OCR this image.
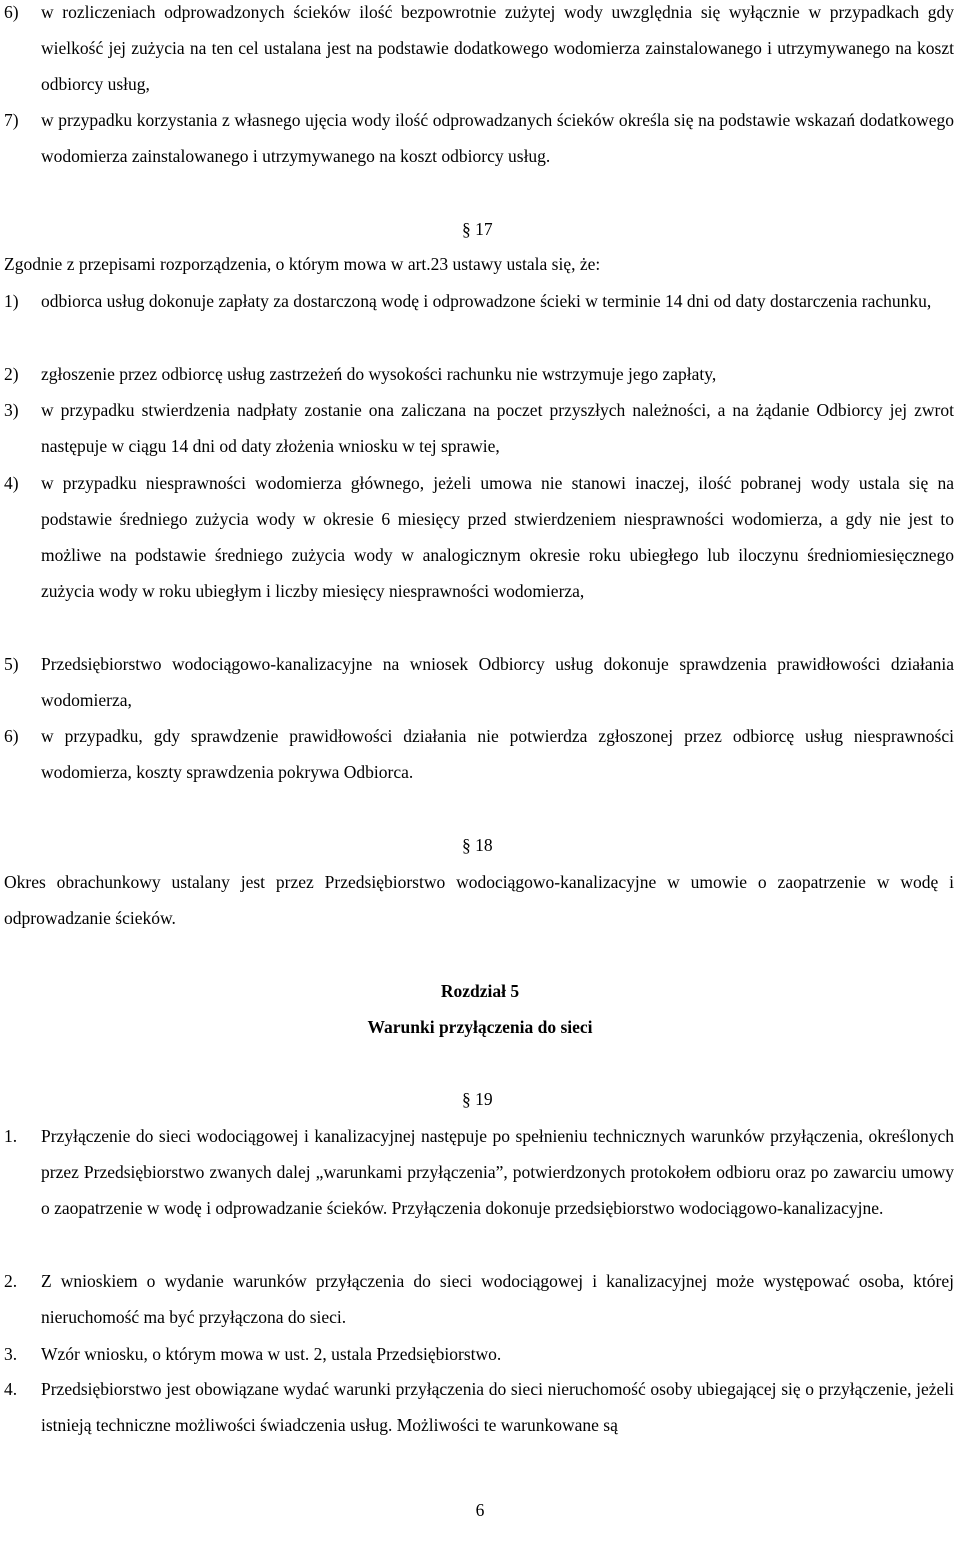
6)	w rozliczeniach odprowadzonych ścieków ilość bezpowrotnie zużytej wody uwzględnia się wyłącznie w przypadkach gdy wielkość jej zużycia na ten cel ustalana jest na podstawie dodatkowego wodomierza zainstalowanego i utrzymywanego na koszt odbiorcy usług,
7)	w przypadku korzystania z własnego ujęcia wody ilość odprowadzanych ścieków określa się na podstawie wskazań dodatkowego wodomierza zainstalowanego i utrzymywanego na koszt odbiorcy usług.
§ 17
Zgodnie z przepisami rozporządzenia, o którym mowa w art.23 ustawy ustala się, że:
1)	odbiorca usług dokonuje zapłaty za dostarczoną wodę i odprowadzone ścieki w terminie 14 dni od daty dostarczenia rachunku,
2)	zgłoszenie przez odbiorcę usług zastrzeżeń do wysokości rachunku nie wstrzymuje jego zapłaty,
3)	w przypadku stwierdzenia nadpłaty zostanie ona zaliczana na poczet przyszłych należności, a na żądanie Odbiorcy jej zwrot następuje w ciągu 14 dni od daty złożenia wniosku w tej sprawie,
4)	w przypadku niesprawności wodomierza głównego, jeżeli umowa nie stanowi inaczej, ilość pobranej wody ustala się na podstawie średniego zużycia wody w okresie 6 miesięcy przed stwierdzeniem niesprawności wodomierza, a gdy nie jest to możliwe na podstawie średniego zużycia wody w analogicznym okresie roku ubiegłego lub iloczynu średniomiesięcznego zużycia wody w roku ubiegłym i liczby miesięcy niesprawności wodomierza,
5)	Przedsiębiorstwo wodociągowo-kanalizacyjne na wniosek Odbiorcy usług dokonuje sprawdzenia prawidłowości działania wodomierza,
6)	w przypadku, gdy sprawdzenie prawidłowości działania nie potwierdza zgłoszonej przez odbiorcę usług niesprawności wodomierza, koszty sprawdzenia pokrywa Odbiorca.
§ 18
Okres obrachunkowy ustalany jest przez Przedsiębiorstwo wodociągowo-kanalizacyjne w umowie o zaopatrzenie w wodę i odprowadzanie ścieków.
Rozdział 5
Warunki przyłączenia do sieci
§ 19
1.	Przyłączenie do sieci wodociągowej i kanalizacyjnej następuje po spełnieniu technicznych warunków przyłączenia, określonych przez Przedsiębiorstwo zwanych dalej „warunkami przyłączenia”, potwierdzonych protokołem odbioru oraz po zawarciu umowy o zaopatrzenie w wodę i odprowadzanie ścieków. Przyłączenia dokonuje przedsiębiorstwo wodociągowo-kanalizacyjne.
2.	Z wnioskiem o wydanie warunków przyłączenia do sieci wodociągowej i kanalizacyjnej może występować osoba, której nieruchomość ma być przyłączona do sieci.
3.	Wzór wniosku, o którym mowa w ust. 2, ustala Przedsiębiorstwo.
4.	Przedsiębiorstwo jest obowiązane wydać warunki przyłączenia do sieci nieruchomość osoby ubiegającej się o przyłączenie, jeżeli istnieją techniczne możliwości świadczenia usług. Możliwości te warunkowane są
6
